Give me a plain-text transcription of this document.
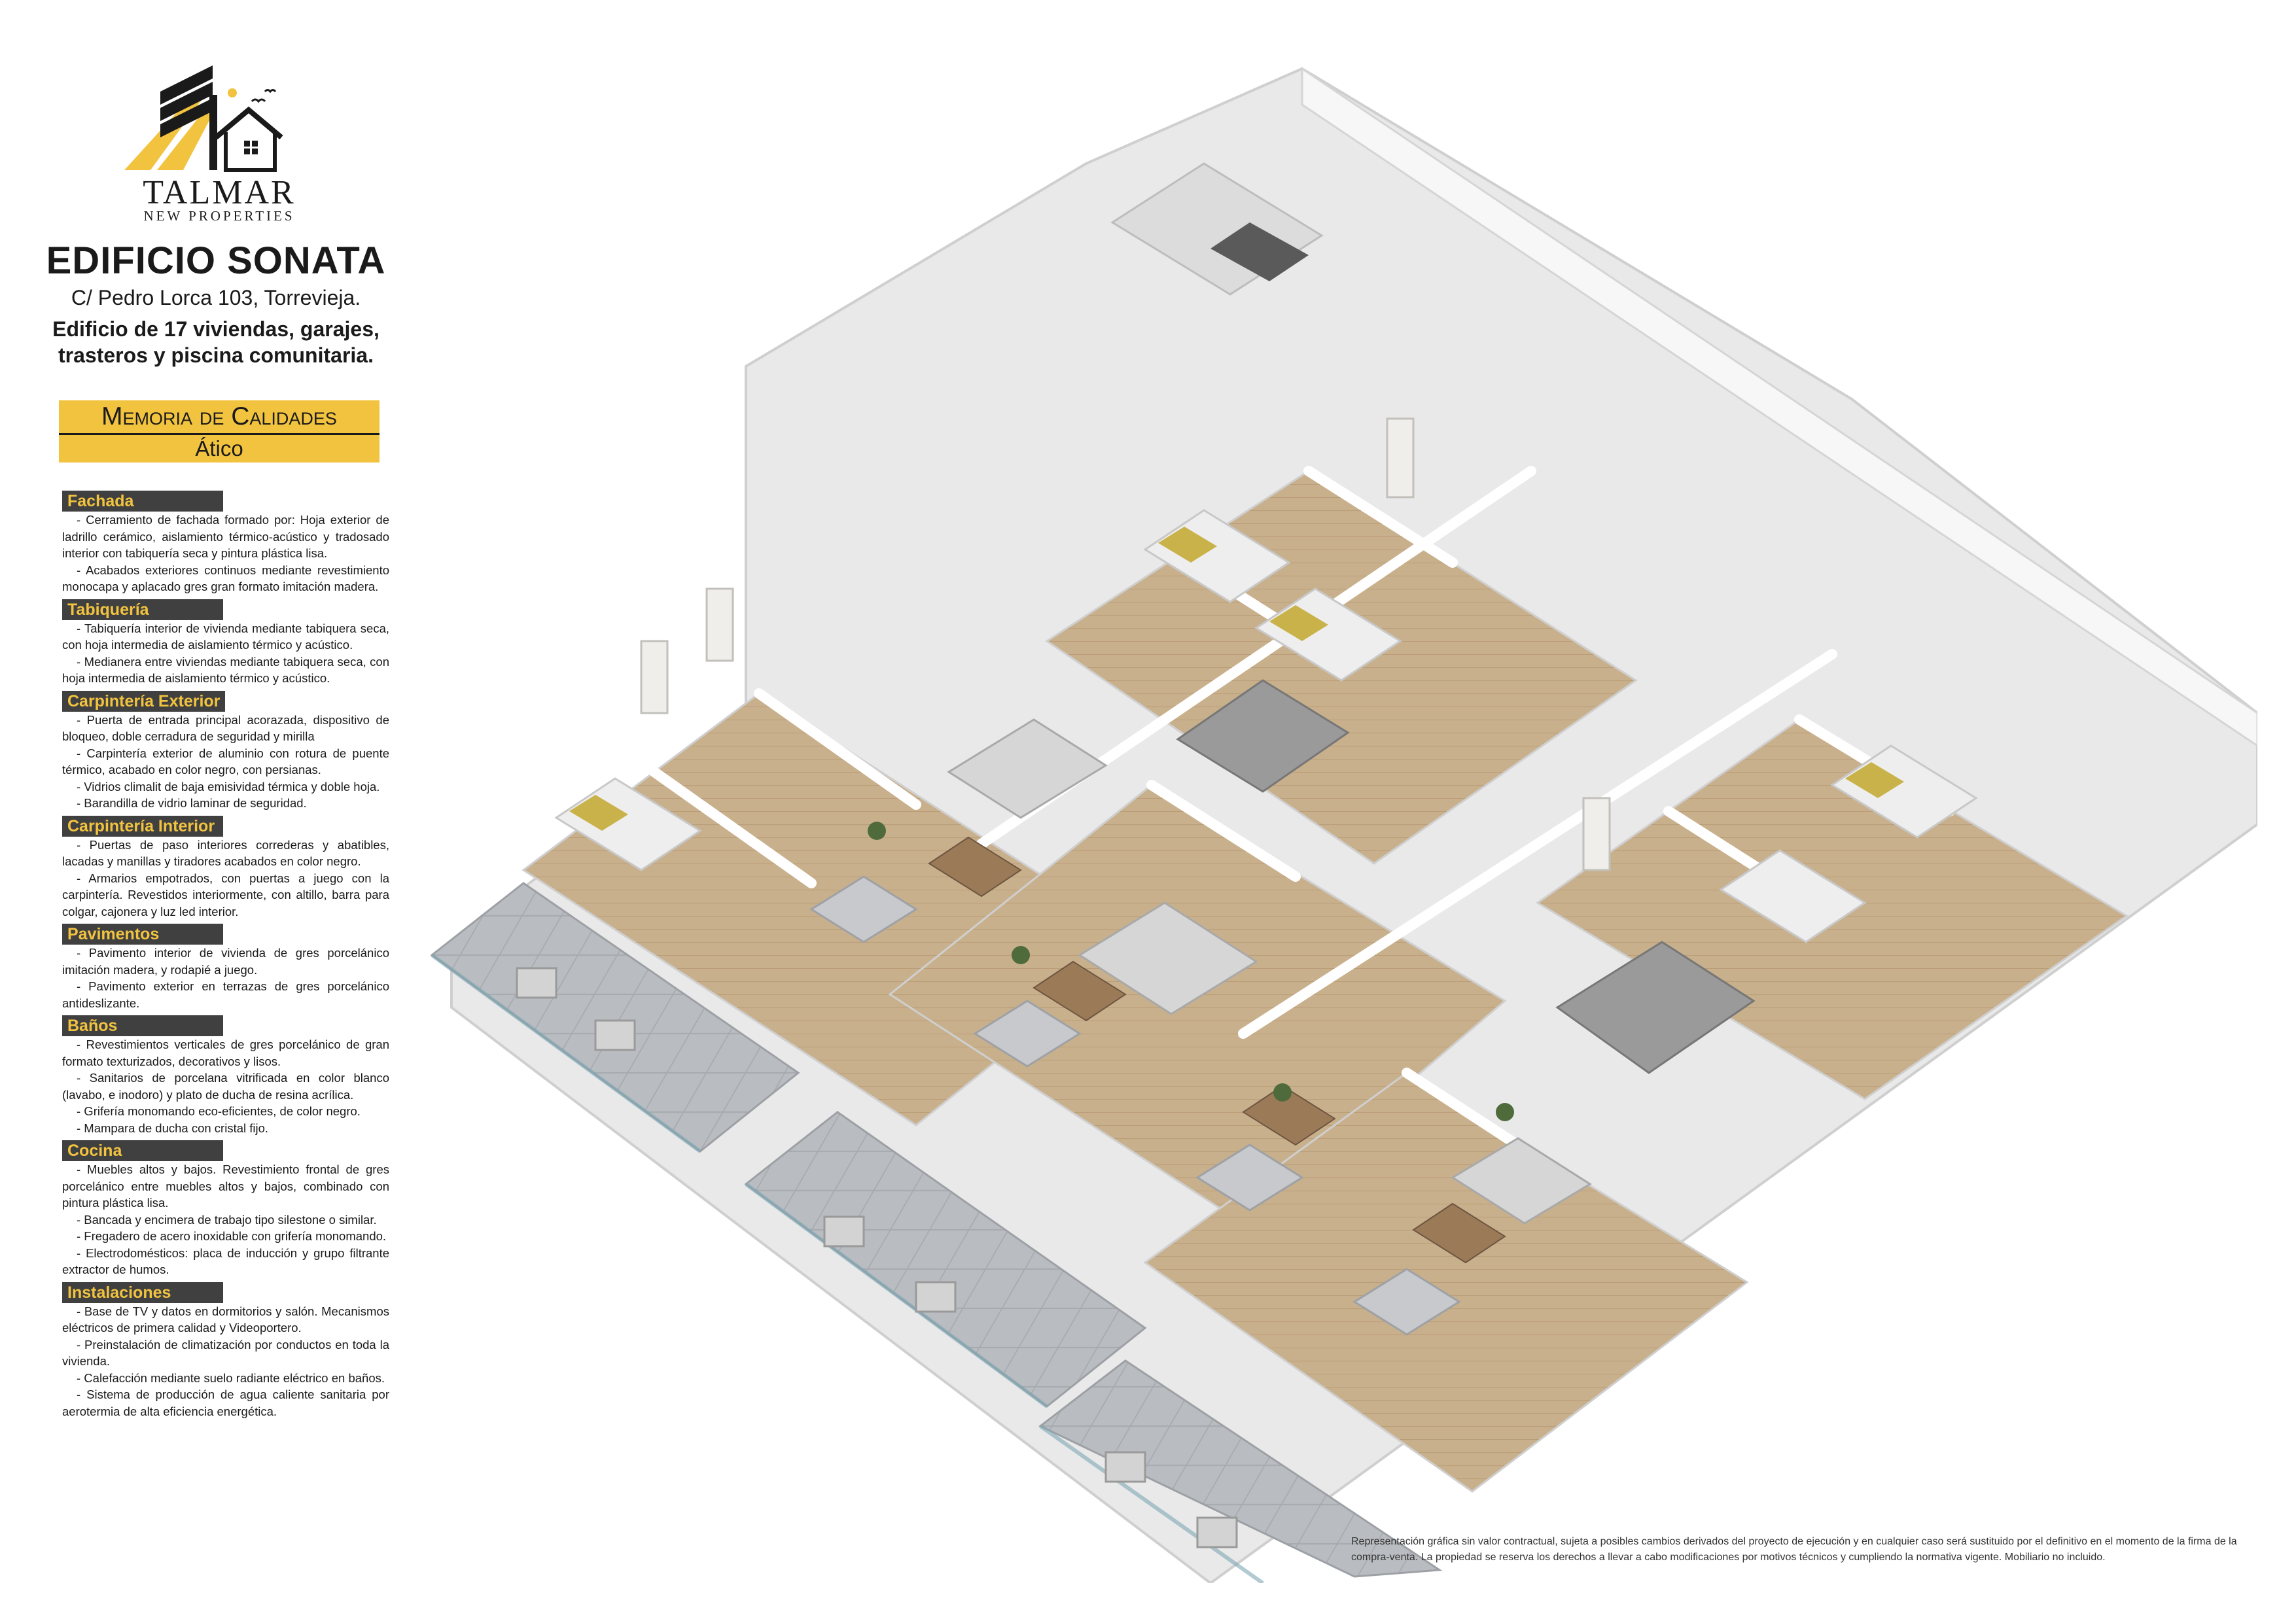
TALMAR
NEW PROPERTIES
EDIFICIO SONATA
C/ Pedro Lorca 103, Torrevieja.
Edificio de 17 viviendas, garajes,
trasteros y piscina comunitaria.
Memoria de Calidades
Ático
Fachada

- Cerramiento de fachada formado por: Hoja exterior de ladrillo cerámico, aislamiento térmico-acústico y tradosado interior con tabiquería seca y pintura plástica lisa.

- Acabados exteriores continuos mediante revestimiento monocapa y aplacado gres gran formato imitación madera.

Tabiquería

- Tabiquería interior de vivienda mediante tabiquera seca, con hoja intermedia de aislamiento térmico y acústico.

- Medianera entre viviendas mediante tabiquera seca, con hoja intermedia de aislamiento térmico y acústico.

Carpintería Exterior

- Puerta de entrada principal acorazada, dispositivo de bloqueo, doble cerradura de seguridad y mirilla

- Carpintería exterior de aluminio con rotura de puente térmico, acabado en color negro, con persianas.

- Vidrios climalit de baja emisividad térmica y doble hoja.

- Barandilla de vidrio laminar de seguridad.

Carpintería Interior

- Puertas de paso interiores correderas y abatibles, lacadas y manillas y tiradores acabados en color negro.

- Armarios empotrados, con puertas a juego con la carpintería. Revestidos interiormente, con altillo, barra para colgar, cajonera y luz led interior.

Pavimentos

- Pavimento interior de vivienda de gres porcelánico imitación madera, y rodapié a juego.

- Pavimento exterior en terrazas de gres porcelánico antideslizante.

Baños

- Revestimientos verticales de gres porcelánico de gran formato texturizados, decorativos y lisos.

- Sanitarios de porcelana vitrificada en color blanco (lavabo, e inodoro) y plato de ducha de resina acrílica.

- Grifería monomando eco-eficientes, de color negro.

- Mampara de ducha con cristal fijo.

Cocina

- Muebles altos y bajos. Revestimiento frontal de gres porcelánico entre muebles altos y bajos, combinado con pintura plástica lisa.

- Bancada y encimera de trabajo tipo silestone o similar.

- Fregadero de acero inoxidable con grifería monomando.

- Electrodomésticos: placa de inducción y grupo filtrante extractor de humos.

Instalaciones

- Base de TV y datos en dormitorios y salón. Mecanismos eléctricos de primera calidad y Videoportero.

- Preinstalación de climatización por conductos en toda la vivienda.

- Calefacción mediante suelo radiante eléctrico en baños.

- Sistema de producción de agua caliente sanitaria por aerotermia de alta eficiencia energética.

Representación gráfica sin valor contractual, sujeta a posibles cambios derivados del proyecto de ejecución y en cualquier caso será sustituido por el definitivo en el momento de la firma de la compra-venta. La propiedad se reserva los derechos a llevar a cabo modificaciones por motivos técnicos y cumpliendo la normativa vigente. Mobiliario no incluido.
